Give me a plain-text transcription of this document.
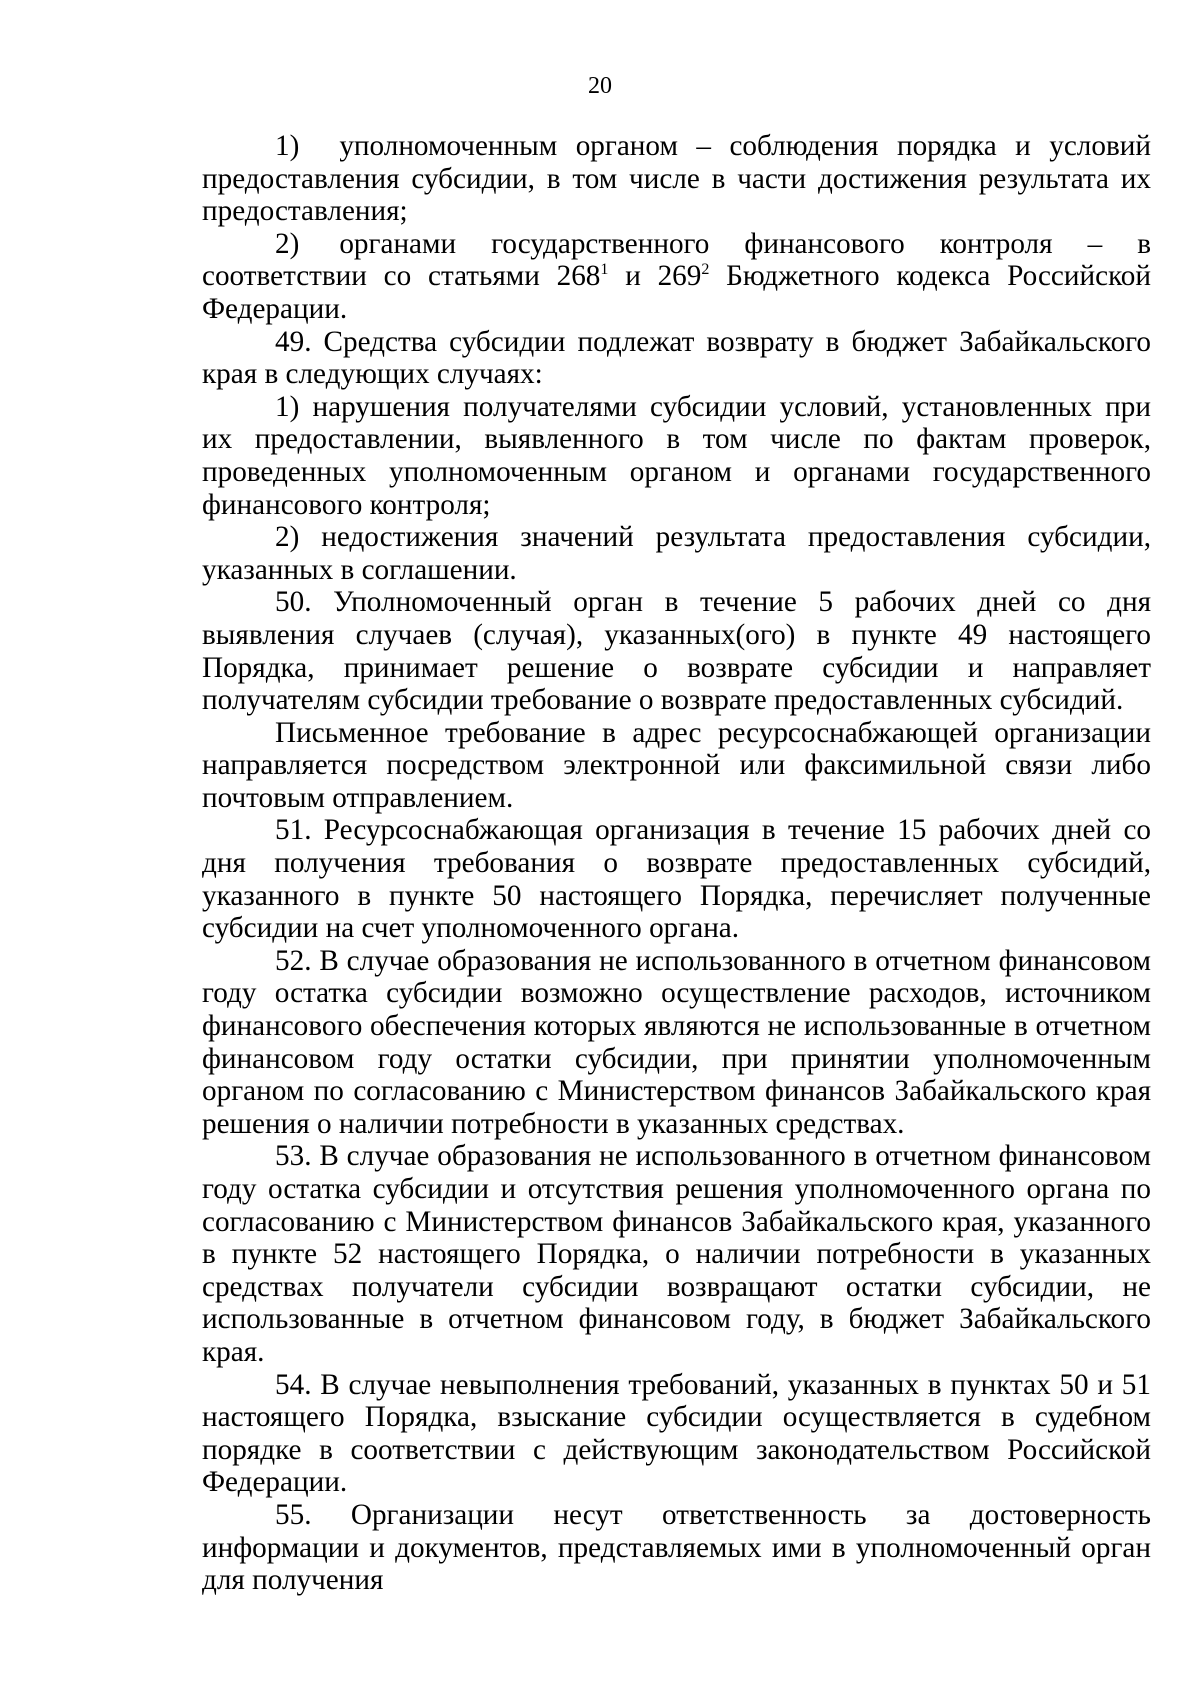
20

1) уполномоченным органом – соблюдения порядка и условий предоставления субсидии, в том числе в части достижения результата их предоставления;

2) органами государственного финансового контроля – в соответствии со статьями $268^1$ и $269^2$ Бюджетного кодекса Российской Федерации.

49. Средства субсидии подлежат возврату в бюджет Забайкальского края в следующих случаях:

1) нарушения получателями субсидии условий, установленных при их предоставлении, выявленного в том числе по фактам проверок, проведенных уполномоченным органом и органами государственного финансового контроля;

2) недостижения значений результата предоставления субсидии, указанных в соглашении.

50. Уполномоченный орган в течение 5 рабочих дней со дня выявления случаев (случая), указанных(ого) в пункте 49 настоящего Порядка, принимает решение о возврате субсидии и направляет получателям субсидии требование о возврате предоставленных субсидий.

Письменное требование в адрес ресурсоснабжающей организации направляется посредством электронной или факсимильной связи либо почтовым отправлением.

51. Ресурсоснабжающая организация в течение 15 рабочих дней со дня получения требования о возврате предоставленных субсидий, указанного в пункте 50 настоящего Порядка, перечисляет полученные субсидии на счет уполномоченного органа.

52. В случае образования не использованного в отчетном финансовом году остатка субсидии возможно осуществление расходов, источником финансового обеспечения которых являются не использованные в отчетном финансовом году остатки субсидии, при принятии уполномоченным органом по согласованию с Министерством финансов Забайкальского края решения о наличии потребности в указанных средствах.

53. В случае образования не использованного в отчетном финансовом году остатка субсидии и отсутствия решения уполномоченного органа по согласованию с Министерством финансов Забайкальского края, указанного в пункте 52 настоящего Порядка, о наличии потребности в указанных средствах получатели субсидии возвращают остатки субсидии, не использованные в отчетном финансовом году, в бюджет Забайкальского края.

54. В случае невыполнения требований, указанных в пунктах 50 и 51 настоящего Порядка, взыскание субсидии осуществляется в судебном порядке в соответствии с действующим законодательством Российской Федерации.

55. Организации несут ответственность за достоверность информации и документов, представляемых ими в уполномоченный орган для получения
